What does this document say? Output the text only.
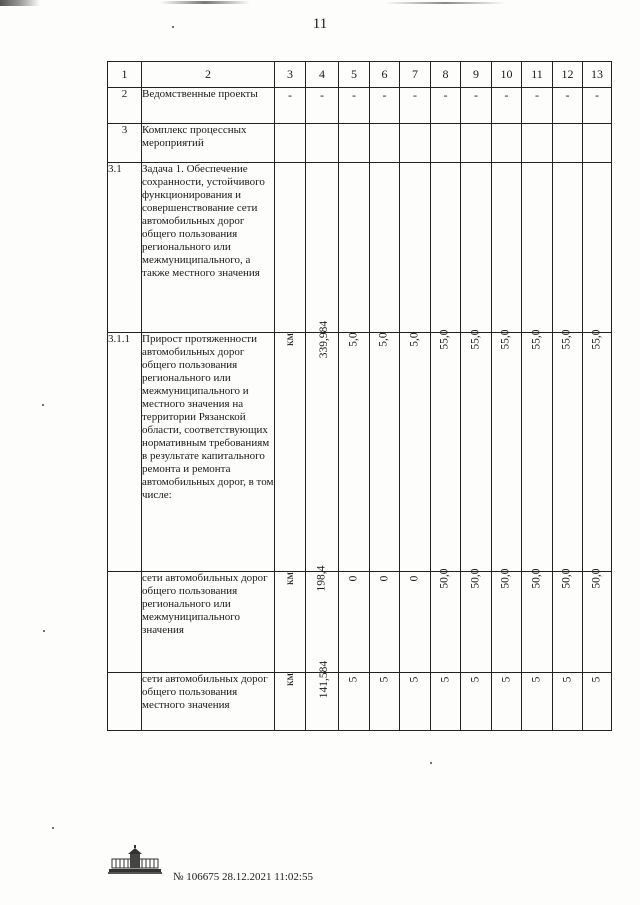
11
1	2	3	4	5	6	7	8	9	10	11	12	13
2	Ведомственные проекты	-	-	-	-	-	-	-	-	-	-	-

3	Комплекс процессных мероприятий											
3.1	Задача 1. Обеспечение сохранности, устойчивого функционирования и совершенствование сети автомобильных дорог общего пользования регионального или межмуниципального, а также местного значения											
3.1.1	Прирост протяженности автомобильных дорог общего пользования регионального или межмуниципального и местного значения на территории Рязанской области, соответствующих нормативным требованиям в результате капитального ремонта и ремонта автомобильных дорог, в том числе:	км	339,984	5,0	5,0	5,0	55,0	55,0	55,0	55,0	55,0	55,0
	сети автомобильных дорог общего пользования регионального или межмуниципального значения	км	198,4	0	0	0	50,0	50,0	50,0	50,0	50,0	50,0
	сети автомобильных дорог общего пользования местного значения	км	141,584	5	5	5	5	5	5	5	5	5
№ 106675 28.12.2021 11:02:55
